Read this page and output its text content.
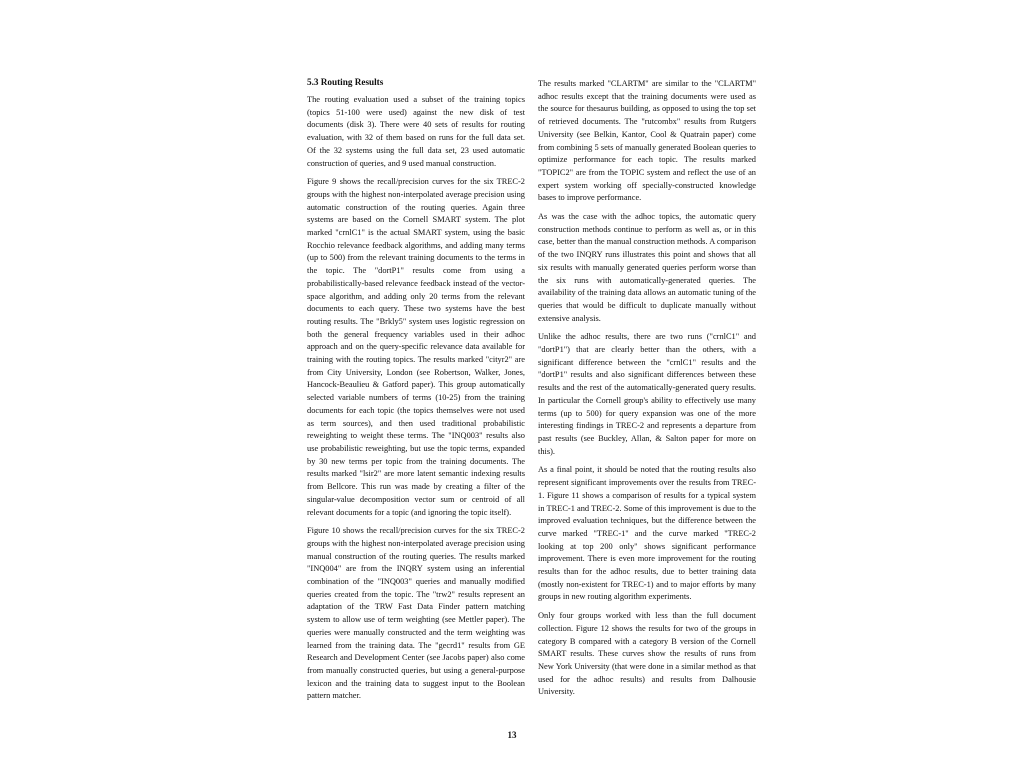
5.3 Routing Results

The routing evaluation used a subset of the training topics (topics 51-100 were used) against the new disk of test documents (disk 3). There were 40 sets of results for routing evaluation, with 32 of them based on runs for the full data set. Of the 32 systems using the full data set, 23 used automatic construction of queries, and 9 used manual construction.

Figure 9 shows the recall/precision curves for the six TREC-2 groups with the highest non-interpolated average precision using automatic construction of the routing queries. Again three systems are based on the Cornell SMART system. The plot marked "crnlC1" is the actual SMART system, using the basic Rocchio relevance feedback algorithms, and adding many terms (up to 500) from the relevant training documents to the terms in the topic. The "dortP1" results come from using a probabilistically-based relevance feedback instead of the vector-space algorithm, and adding only 20 terms from the relevant documents to each query. These two systems have the best routing results. The "Brkly5" system uses logistic regression on both the general frequency variables used in their adhoc approach and on the query-specific relevance data available for training with the routing topics. The results marked "cityr2" are from City University, London (see Robertson, Walker, Jones, Hancock-Beaulieu & Gatford paper). This group automatically selected variable numbers of terms (10-25) from the training documents for each topic (the topics themselves were not used as term sources), and then used traditional probabilistic reweighting to weight these terms. The "INQ003" results also use probabilistic reweighting, but use the topic terms, expanded by 30 new terms per topic from the training documents. The results marked "lsir2" are more latent semantic indexing results from Bellcore. This run was made by creating a filter of the singular-value decomposition vector sum or centroid of all relevant documents for a topic (and ignoring the topic itself).

Figure 10 shows the recall/precision curves for the six TREC-2 groups with the highest non-interpolated average precision using manual construction of the routing queries. The results marked "INQ004" are from the INQRY system using an inferential combination of the "INQ003" queries and manually modified queries created from the topic. The "trw2" results represent an adaptation of the TRW Fast Data Finder pattern matching system to allow use of term weighting (see Mettler paper). The queries were manually constructed and the term weighting was learned from the training data. The "gecrd1" results from GE Research and Development Center (see Jacobs paper) also come from manually constructed queries, but using a general-purpose lexicon and the training data to suggest input to the Boolean pattern matcher.

The results marked "CLARTM" are similar to the "CLARTM" adhoc results except that the training documents were used as the source for thesaurus building, as opposed to using the top set of retrieved documents. The "rutcombx" results from Rutgers University (see Belkin, Kantor, Cool & Quatrain paper) come from combining 5 sets of manually generated Boolean queries to optimize performance for each topic. The results marked "TOPIC2" are from the TOPIC system and reflect the use of an expert system working off specially-constructed knowledge bases to improve performance.

As was the case with the adhoc topics, the automatic query construction methods continue to perform as well as, or in this case, better than the manual construction methods. A comparison of the two INQRY runs illustrates this point and shows that all six results with manually generated queries perform worse than the six runs with automatically-generated queries. The availability of the training data allows an automatic tuning of the queries that would be difficult to duplicate manually without extensive analysis.

Unlike the adhoc results, there are two runs ("crnlC1" and "dortP1") that are clearly better than the others, with a significant difference between the "crnlC1" results and the "dortP1" results and also significant differences between these results and the rest of the automatically-generated query results. In particular the Cornell group's ability to effectively use many terms (up to 500) for query expansion was one of the more interesting findings in TREC-2 and represents a departure from past results (see Buckley, Allan, & Salton paper for more on this).

As a final point, it should be noted that the routing results also represent significant improvements over the results from TREC-1. Figure 11 shows a comparison of results for a typical system in TREC-1 and TREC-2. Some of this improvement is due to the improved evaluation techniques, but the difference between the curve marked "TREC-1" and the curve marked "TREC-2 looking at top 200 only" shows significant performance improvement. There is even more improvement for the routing results than for the adhoc results, due to better training data (mostly non-existent for TREC-1) and to major efforts by many groups in new routing algorithm experiments.

Only four groups worked with less than the full document collection. Figure 12 shows the results for two of the groups in category B compared with a category B version of the Cornell SMART results. These curves show the results of runs from New York University (that were done in a similar method as that used for the adhoc results) and results from Dalhousie University.

13
